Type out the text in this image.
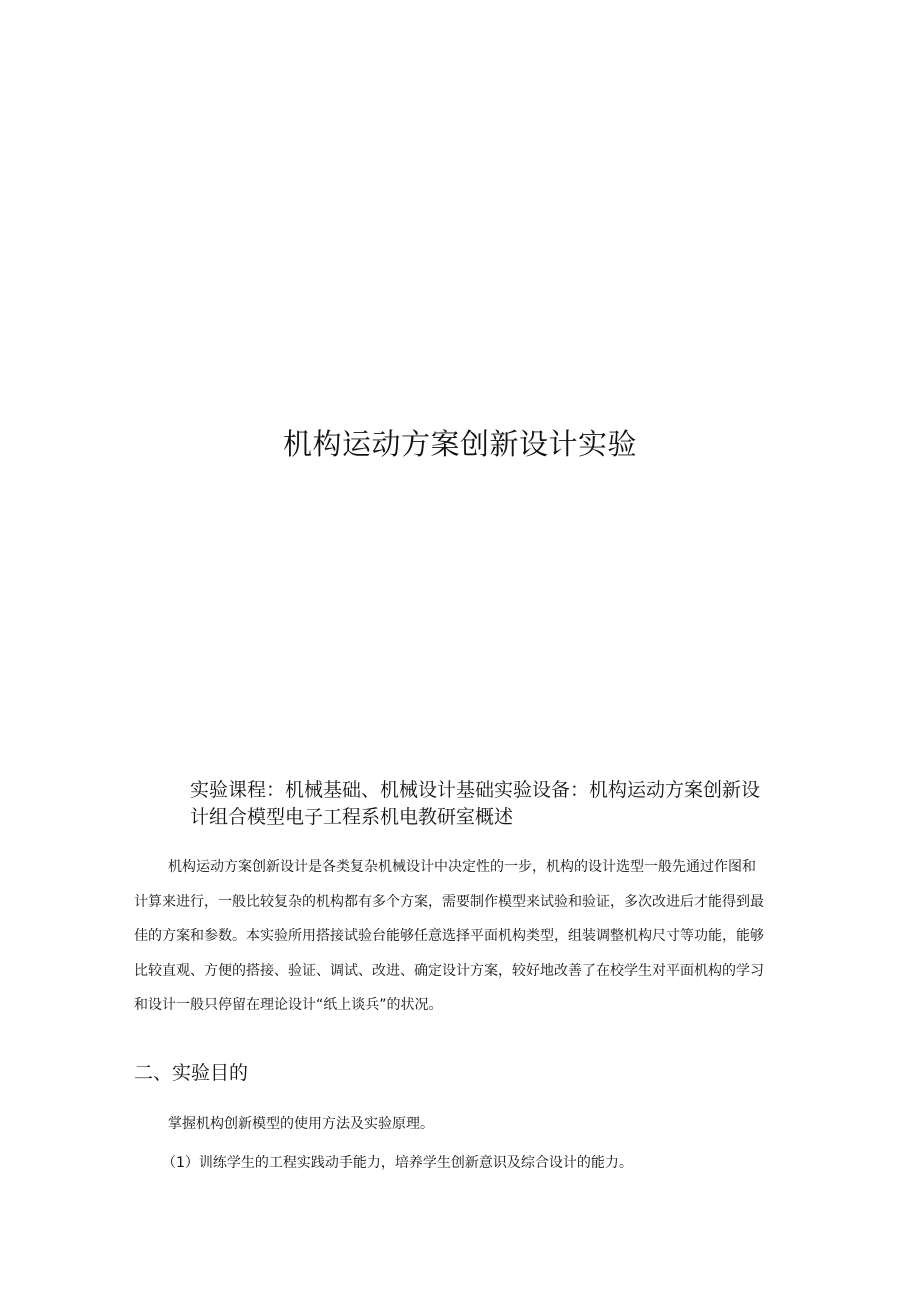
机构运动方案创新设计实验
实验课程：机械基础、机械设计基础实验设备：机构运动方案创新设
计组合模型电子工程系机电教研室概述
机构运动方案创新设计是各类复杂机械设计中决定性的一步，机构的设计选型一般先通过作图和
计算来进行，一般比较复杂的机构都有多个方案，需要制作模型来试验和验证，多次改进后才能得到最
佳的方案和参数。本实验所用搭接试验台能够任意选择平面机构类型，组装调整机构尺寸等功能，能够
比较直观、方便的搭接、验证、调试、改进、确定设计方案，较好地改善了在校学生对平面机构的学习
和设计一般只停留在理论设计“纸上谈兵”的状况。
二、实验目的
掌握机构创新模型的使用方法及实验原理。
（1）训练学生的工程实践动手能力，培养学生创新意识及综合设计的能力。
